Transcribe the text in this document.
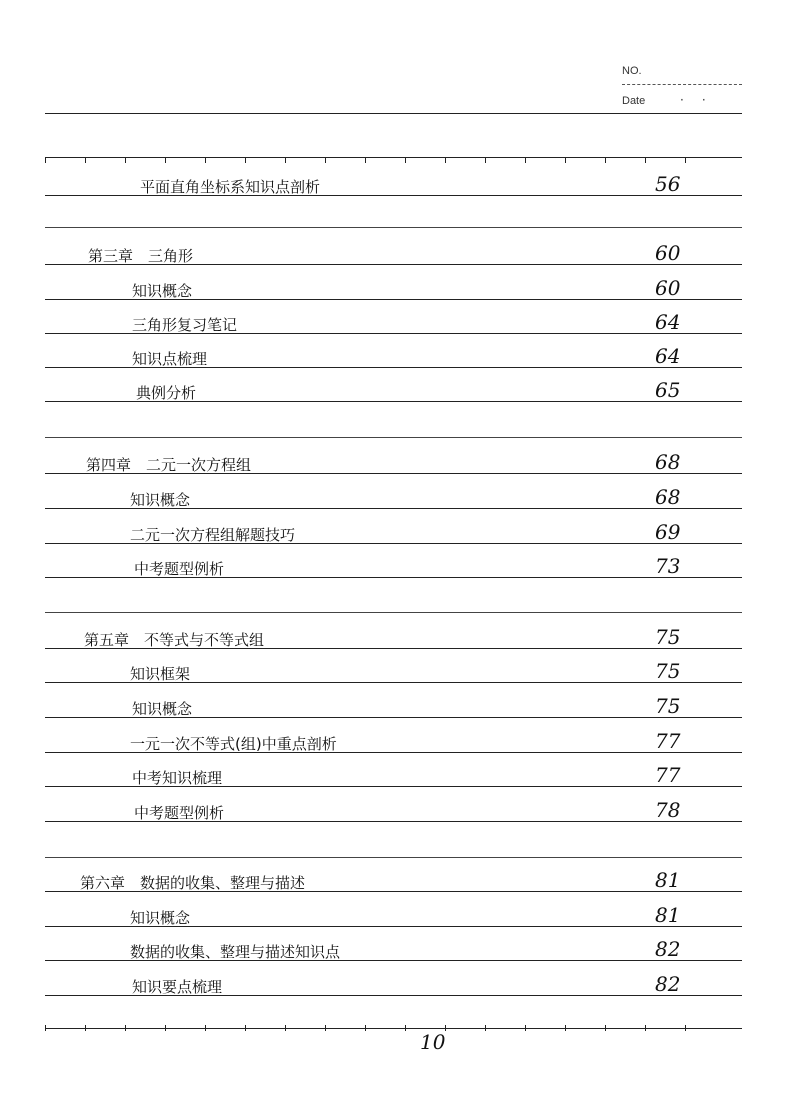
NO.
Date	··
平面直角坐标系知识点剖析	56
第三章　三角形	60
知识概念	60
三角形复习笔记	64
知识点梳理	64
典例分析	65
第四章　二元一次方程组	68
知识概念	68
二元一次方程组解题技巧	69
中考题型例析	73
第五章　不等式与不等式组	75
知识框架	75
知识概念	75
一元一次不等式(组)中重点剖析	77
中考知识梳理	77
中考题型例析	78
第六章　数据的收集、整理与描述	81
知识概念	81
数据的收集、整理与描述知识点	82
知识要点梳理	82
10
